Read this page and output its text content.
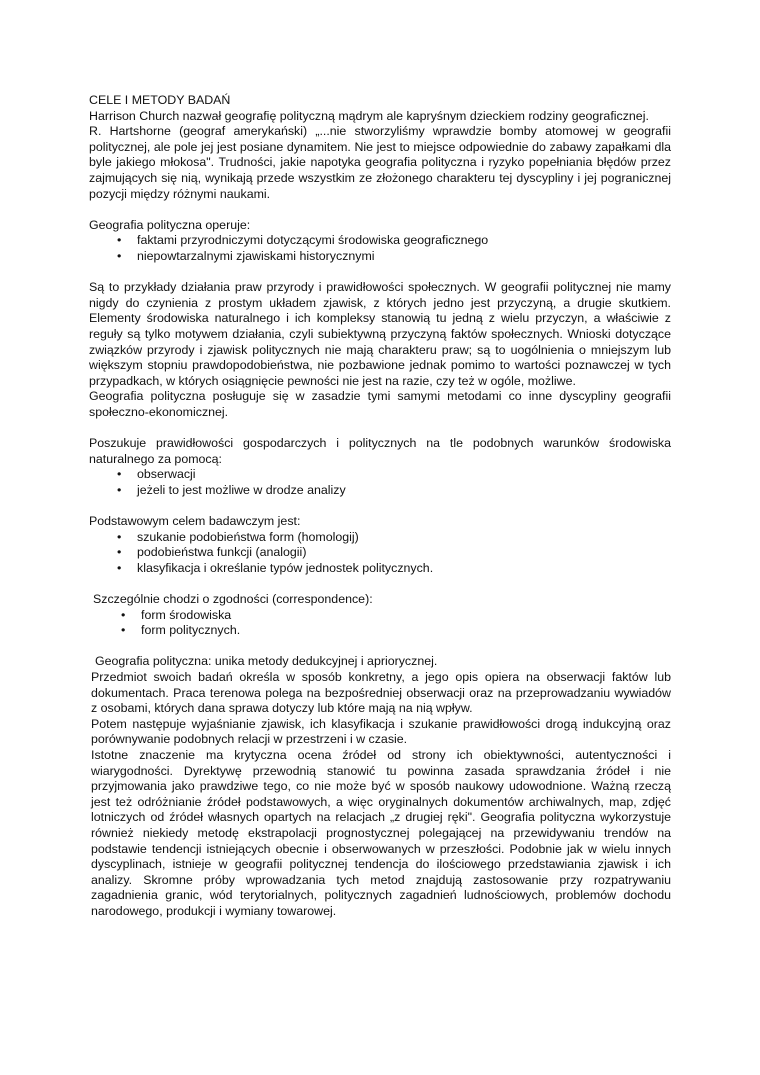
CELE I METODY BADAŃ

Harrison Church nazwał geografię polityczną mądrym ale kapryśnym dzieckiem rodziny geograficznej.

R. Hartshorne (geograf amerykański) „...nie stworzyliśmy wprawdzie bomby atomowej w geografii politycznej, ale pole jej jest posiane dynamitem. Nie jest to miejsce odpowiednie do zabawy zapałkami dla byle jakiego młokosa". Trudności, jakie napotyka geografia polityczna i ryzyko popełniania błędów przez zajmujących się nią, wynikają przede wszystkim ze złożonego charakteru tej dyscypliny i jej pogranicznej pozycji między różnymi naukami.

Geografia polityczna operuje:

• faktami przyrodniczymi dotyczącymi środowiska geograficznego
• niepowtarzalnymi zjawiskami historycznymi

Są to przykłady działania praw przyrody i prawidłowości społecznych. W geografii politycznej nie mamy nigdy do czynienia z prostym układem zjawisk, z których jedno jest przyczyną, a drugie skutkiem. Elementy środowiska naturalnego i ich kompleksy stanowią tu jedną z wielu przyczyn, a właściwie z reguły są tylko motywem działania, czyli subiektywną przyczyną faktów społecznych. Wnioski dotyczące związków przyrody i zjawisk politycznych nie mają charakteru praw; są to uogólnienia o mniejszym lub większym stopniu prawdopodobieństwa, nie pozbawione jednak pomimo to wartości poznawczej w tych przypadkach, w których osiągnięcie pewności nie jest na razie, czy też w ogóle, możliwe.

Geografia polityczna posługuje się w zasadzie tymi samymi metodami co inne dyscypliny geografii społeczno-ekonomicznej.

Poszukuje prawidłowości gospodarczych i politycznych na tle podobnych warunków środowiska naturalnego za pomocą:

• obserwacji
• jeżeli to jest możliwe w drodze analizy

Podstawowym celem badawczym jest:

• szukanie podobieństwa form (homologij)
• podobieństwa funkcji (analogii)
• klasyfikacja i określanie typów jednostek politycznych.

Szczególnie chodzi o zgodności (correspondence):

• form środowiska
• form politycznych.

Geografia polityczna: unika metody dedukcyjnej i apriorycznej.

Przedmiot swoich badań określa w sposób konkretny, a jego opis opiera na obserwacji faktów lub dokumentach. Praca terenowa polega na bezpośredniej obserwacji oraz na przeprowadzaniu wywiadów z osobami, których dana sprawa dotyczy lub które mają na nią wpływ.

Potem następuje wyjaśnianie zjawisk, ich klasyfikacja i szukanie prawidłowości drogą indukcyjną oraz porównywanie podobnych relacji w przestrzeni i w czasie.

Istotne znaczenie ma krytyczna ocena źródeł od strony ich obiektywności, autentyczności i wiarygodności. Dyrektywę przewodnią stanowić tu powinna zasada sprawdzania źródeł i nie przyjmowania jako prawdziwe tego, co nie może być w sposób naukowy udowodnione. Ważną rzeczą jest też odróżnianie źródeł podstawowych, a więc oryginalnych dokumentów archiwalnych, map, zdjęć lotniczych od źródeł własnych opartych na relacjach „z drugiej ręki". Geografia polityczna wykorzystuje również niekiedy metodę ekstrapolacji prognostycznej polegającej na przewidywaniu trendów na podstawie tendencji istniejących obecnie i obserwowanych w przeszłości. Podobnie jak w wielu innych dyscyplinach, istnieje w geografii politycznej tendencja do ilościowego przedstawiania zjawisk i ich analizy. Skromne próby wprowadzania tych metod znajdują zastosowanie przy rozpatrywaniu zagadnienia granic, wód terytorialnych, politycznych zagadnień ludnościowych, problemów dochodu narodowego, produkcji i wymiany towarowej.
